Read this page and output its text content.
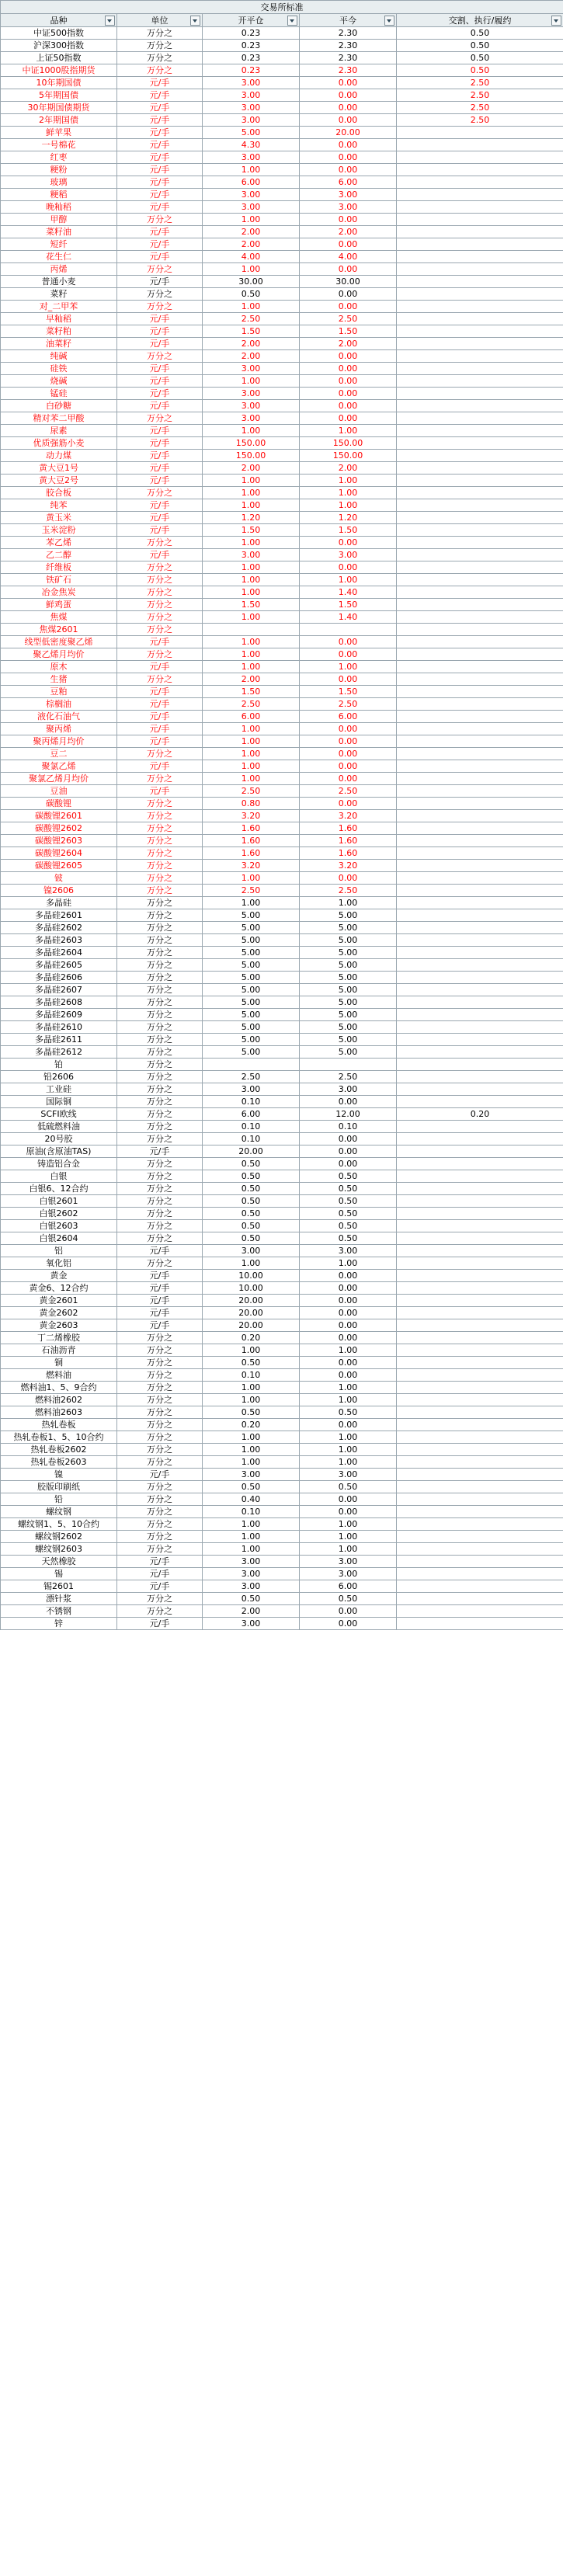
交易所标准				
品种	单位	开平仓	平今	交割、执行/履约

中证500指数	万分之	0.23	2.30	0.50
沪深300指数	万分之	0.23	2.30	0.50
上证50指数	万分之	0.23	2.30	0.50
中证1000股指期货	万分之	0.23	2.30	0.50
10年期国债	元/手	3.00	0.00	2.50
5年期国债	元/手	3.00	0.00	2.50
30年期国债期货	元/手	3.00	0.00	2.50
2年期国债	元/手	3.00	0.00	2.50
鲜苹果	元/手	5.00	20.00	
一号棉花	元/手	4.30	0.00	
红枣	元/手	3.00	0.00	
粳粉	元/手	1.00	0.00	
玻璃	元/手	6.00	6.00	
粳稻	元/手	3.00	3.00	
晚籼稻	元/手	3.00	3.00	
甲醇	万分之	1.00	0.00	
菜籽油	元/手	2.00	2.00	
短纤	元/手	2.00	0.00	
花生仁	元/手	4.00	4.00	
丙烯	万分之	1.00	0.00	
普通小麦	元/手	30.00	30.00	
菜籽	万分之	0.50	0.00	
对_二甲苯	万分之	1.00	0.00	
早籼稻	元/手	2.50	2.50	
菜籽粕	元/手	1.50	1.50	
油菜籽	元/手	2.00	2.00	
纯碱	万分之	2.00	0.00	
硅铁	元/手	3.00	0.00	
烧碱	元/手	1.00	0.00	
锰硅	元/手	3.00	0.00	
白砂糖	元/手	3.00	0.00	
精对苯二甲酸	万分之	3.00	0.00	
尿素	元/手	1.00	1.00	
优质强筋小麦	元/手	150.00	150.00	
动力煤	元/手	150.00	150.00	
黄大豆1号	元/手	2.00	2.00	
黄大豆2号	元/手	1.00	1.00	
胶合板	万分之	1.00	1.00	
纯苯	元/手	1.00	1.00	
黄玉米	元/手	1.20	1.20	
玉米淀粉	元/手	1.50	1.50	
苯乙烯	万分之	1.00	0.00	
乙二醇	元/手	3.00	3.00	
纤维板	万分之	1.00	0.00	
铁矿石	万分之	1.00	1.00	
冶金焦炭	万分之	1.00	1.40	
鲜鸡蛋	万分之	1.50	1.50	
焦煤	万分之	1.00	1.40	
焦煤2601	万分之			
线型低密度聚乙烯	元/手	1.00	0.00	
聚乙烯月均价	万分之	1.00	0.00	
原木	元/手	1.00	1.00	
生猪	万分之	2.00	0.00	
豆粕	元/手	1.50	1.50	
棕榈油	元/手	2.50	2.50	
液化石油气	元/手	6.00	6.00	
聚丙烯	元/手	1.00	0.00	
聚丙烯月均价	元/手	1.00	0.00	
豆二	万分之	1.00	0.00	
聚氯乙烯	元/手	1.00	0.00	
聚氯乙烯月均价	万分之	1.00	0.00	
豆油	元/手	2.50	2.50	
碳酸锂	万分之	0.80	0.00	
碳酸锂2601	万分之	3.20	3.20	
碳酸锂2602	万分之	1.60	1.60	
碳酸锂2603	万分之	1.60	1.60	
碳酸锂2604	万分之	1.60	1.60	
碳酸锂2605	万分之	3.20	3.20	
铍	万分之	1.00	0.00	
镍2606	万分之	2.50	2.50	
多晶硅	万分之	1.00	1.00	
多晶硅2601	万分之	5.00	5.00	
多晶硅2602	万分之	5.00	5.00	
多晶硅2603	万分之	5.00	5.00	
多晶硅2604	万分之	5.00	5.00	
多晶硅2605	万分之	5.00	5.00	
多晶硅2606	万分之	5.00	5.00	
多晶硅2607	万分之	5.00	5.00	
多晶硅2608	万分之	5.00	5.00	
多晶硅2609	万分之	5.00	5.00	
多晶硅2610	万分之	5.00	5.00	
多晶硅2611	万分之	5.00	5.00	
多晶硅2612	万分之	5.00	5.00	
铂	万分之			
铅2606	万分之	2.50	2.50	
工业硅	万分之	3.00	3.00	
国际铜	万分之	0.10	0.00	
SCFI欧线	万分之	6.00	12.00	0.20
低硫燃料油	万分之	0.10	0.10	
20号胶	万分之	0.10	0.00	
原油(含原油TAS)	元/手	20.00	0.00	
铸造铝合金	万分之	0.50	0.00	
白银	万分之	0.50	0.50	
白银6、12合约	万分之	0.50	0.50	
白银2601	万分之	0.50	0.50	
白银2602	万分之	0.50	0.50	
白银2603	万分之	0.50	0.50	
白银2604	万分之	0.50	0.50	
铝	元/手	3.00	3.00	
氧化铝	万分之	1.00	1.00	
黄金	元/手	10.00	0.00	
黄金6、12合约	元/手	10.00	0.00	
黄金2601	元/手	20.00	0.00	
黄金2602	元/手	20.00	0.00	
黄金2603	元/手	20.00	0.00	
丁二烯橡胶	万分之	0.20	0.00	
石油沥青	万分之	1.00	1.00	
铜	万分之	0.50	0.00	
燃料油	万分之	0.10	0.00	
燃料油1、5、9合约	万分之	1.00	1.00	
燃料油2602	万分之	1.00	1.00	
燃料油2603	万分之	0.50	0.50	
热轧卷板	万分之	0.20	0.00	
热轧卷板1、5、10合约	万分之	1.00	1.00	
热轧卷板2602	万分之	1.00	1.00	
热轧卷板2603	万分之	1.00	1.00	
镍	元/手	3.00	3.00	
胶版印刷纸	万分之	0.50	0.50	
铅	万分之	0.40	0.00	
螺纹钢	万分之	0.10	0.00	
螺纹钢1、5、10合约	万分之	1.00	1.00	
螺纹钢2602	万分之	1.00	1.00	
螺纹钢2603	万分之	1.00	1.00	
天然橡胶	元/手	3.00	3.00	
锡	元/手	3.00	3.00	
锡2601	元/手	3.00	6.00	
漂针浆	万分之	0.50	0.50	
不锈钢	万分之	2.00	0.00	
锌	元/手	3.00	0.00	
